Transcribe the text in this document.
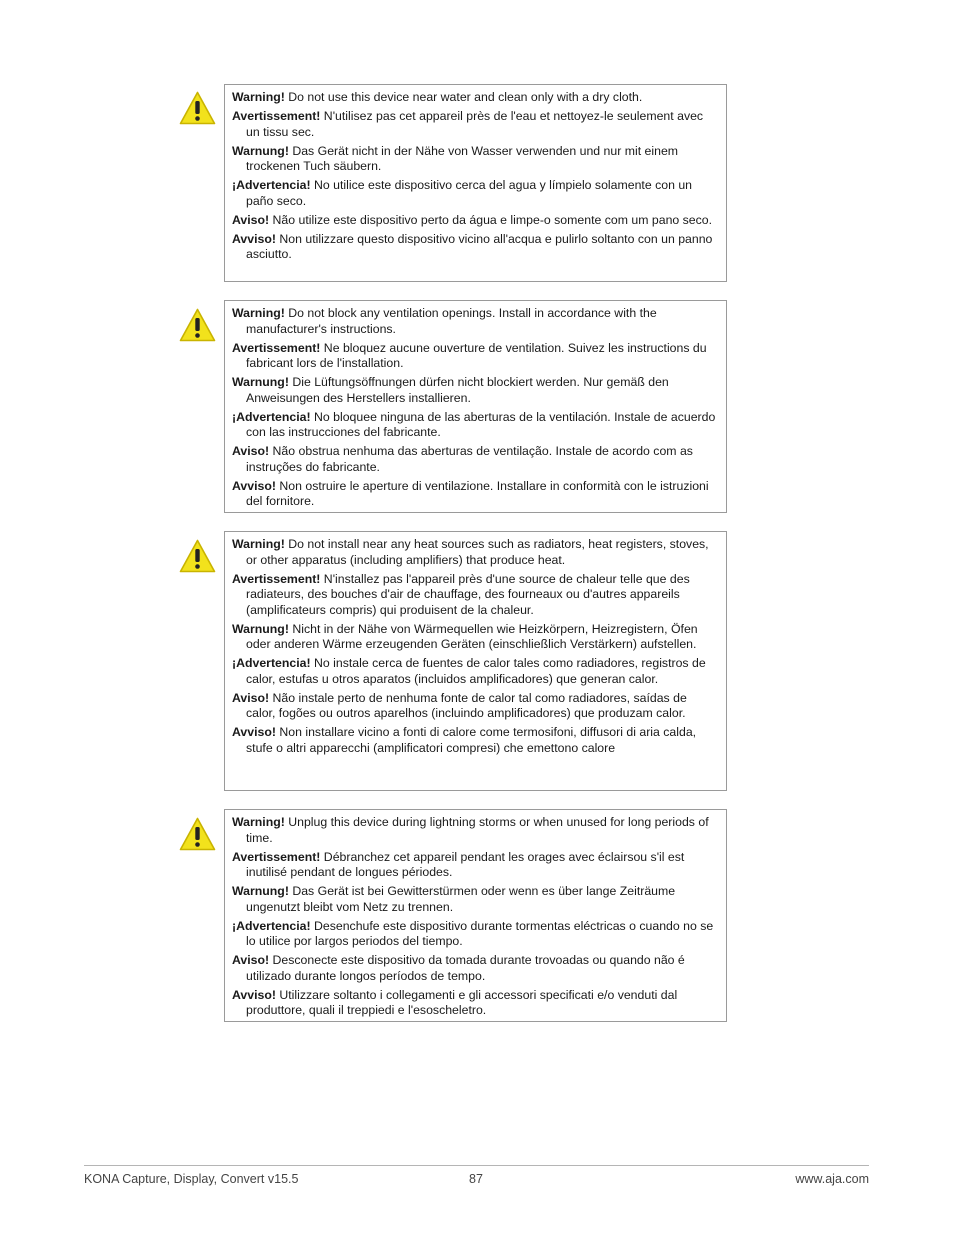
Warning! Do not use this device near water and clean only with a dry cloth.

Avertissement! N'utilisez pas cet appareil près de l'eau et nettoyez-le seulement avec un tissu sec.

Warnung! Das Gerät nicht in der Nähe von Wasser verwenden und nur mit einem trockenen Tuch säubern.

¡Advertencia! No utilice este dispositivo cerca del agua y límpielo solamente con un paño seco.

Aviso! Não utilize este dispositivo perto da água e limpe-o somente com um pano seco.

Avviso! Non utilizzare questo dispositivo vicino all'acqua e pulirlo soltanto con un panno asciutto.

Warning! Do not block any ventilation openings. Install in accordance with the manufacturer's instructions.

Avertissement! Ne bloquez aucune ouverture de ventilation. Suivez les instructions du fabricant lors de l'installation.

Warnung! Die Lüftungsöffnungen dürfen nicht blockiert werden. Nur gemäß den Anweisungen des Herstellers installieren.

¡Advertencia! No bloquee ninguna de las aberturas de la ventilación. Instale de acuerdo con las instrucciones del fabricante.

Aviso! Não obstrua nenhuma das aberturas de ventilação. Instale de acordo com as instruções do fabricante.

Avviso! Non ostruire le aperture di ventilazione. Installare in conformità con le istruzioni del fornitore.

Warning! Do not install near any heat sources such as radiators, heat registers, stoves, or other apparatus (including amplifiers) that produce heat.

Avertissement! N'installez pas l'appareil près d'une source de chaleur telle que des radiateurs, des bouches d'air de chauffage, des fourneaux ou d'autres appareils (amplificateurs compris) qui produisent de la chaleur.

Warnung! Nicht in der Nähe von Wärmequellen wie Heizkörpern, Heizregistern, Öfen oder anderen Wärme erzeugenden Geräten (einschließlich Verstärkern) aufstellen.

¡Advertencia! No instale cerca de fuentes de calor tales como radiadores, registros de calor, estufas u otros aparatos (incluidos amplificadores) que generan calor.

Aviso! Não instale perto de nenhuma fonte de calor tal como radiadores, saídas de calor, fogões ou outros aparelhos (incluindo amplificadores) que produzam calor.

Avviso! Non installare vicino a fonti di calore come termosifoni, diffusori di aria calda, stufe o altri apparecchi (amplificatori compresi) che emettono calore

Warning! Unplug this device during lightning storms or when unused for long periods of time.

Avertissement! Débranchez cet appareil pendant les orages avec éclairsou s'il est inutilisé pendant de longues périodes.

Warnung! Das Gerät ist bei Gewitterstürmen oder wenn es über lange Zeiträume ungenutzt bleibt vom Netz zu trennen.

¡Advertencia! Desenchufe este dispositivo durante tormentas eléctricas o cuando no se lo utilice por largos periodos del tiempo.

Aviso! Desconecte este dispositivo da tomada durante trovoadas ou quando não é utilizado durante longos períodos de tempo.

Avviso! Utilizzare soltanto i collegamenti e gli accessori specificati e/o venduti dal produttore, quali il treppiedi e l'esoscheletro.

KONA Capture, Display, Convert v15.5	87	www.aja.com
